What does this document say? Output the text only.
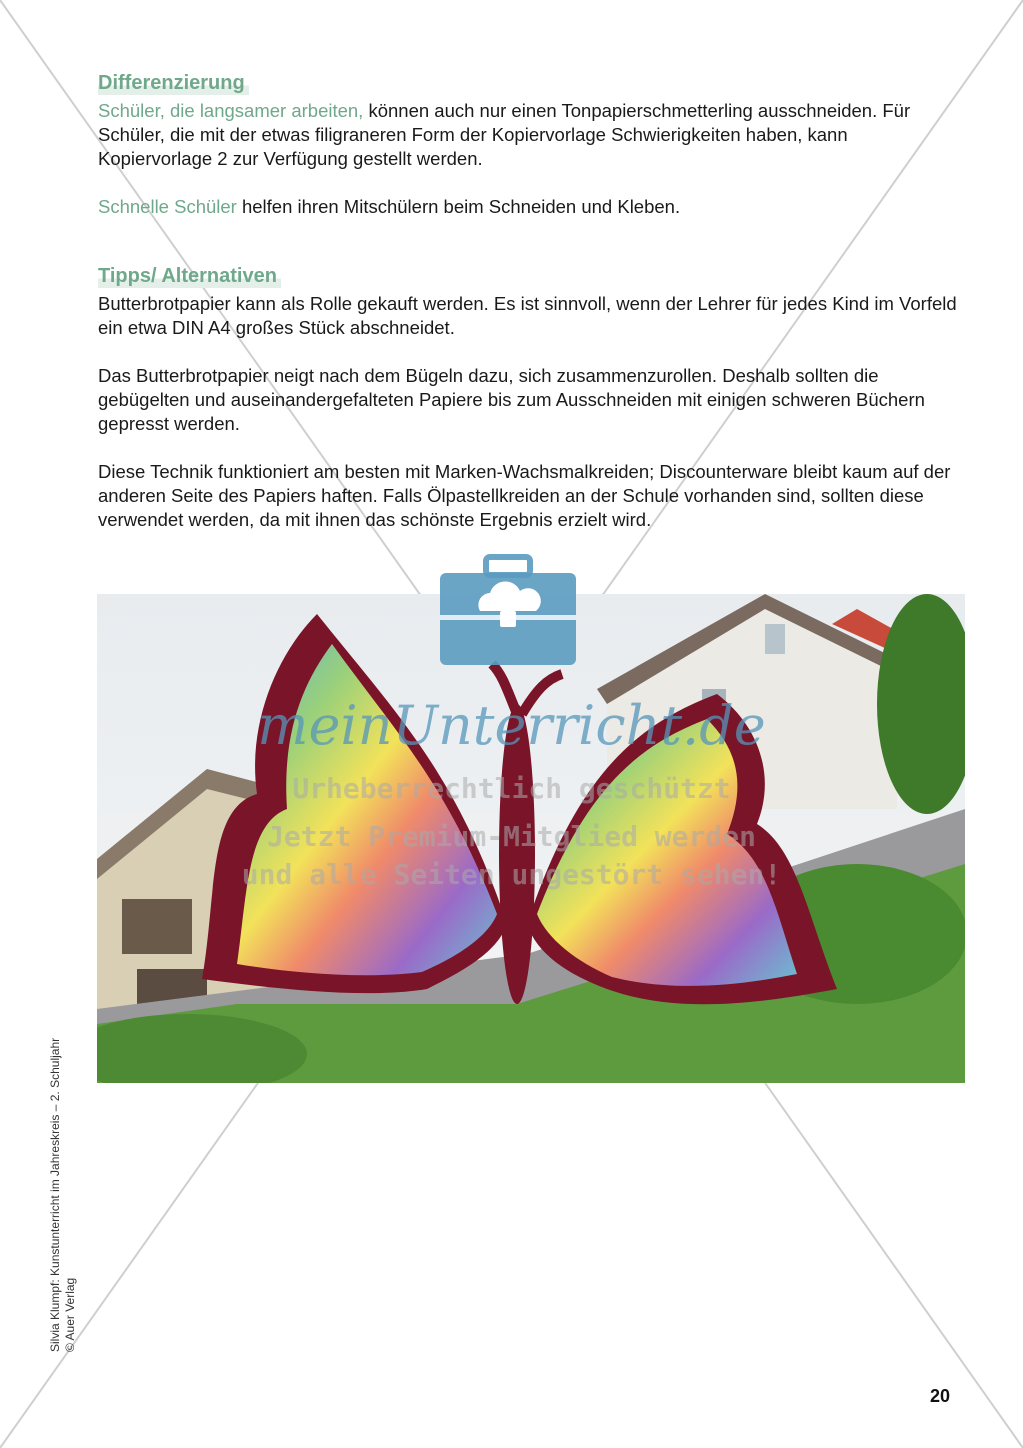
Differenzierung

Schüler, die langsamer arbeiten, können auch nur einen Tonpapierschmetterling ausschneiden. Für Schüler, die mit der etwas filigraneren Form der Kopiervorlage Schwierigkeiten haben, kann Kopiervorlage 2 zur Verfügung gestellt werden.

Schnelle Schüler helfen ihren Mitschülern beim Schneiden und Kleben.

Tipps/ Alternativen

Butterbrotpapier kann als Rolle gekauft werden. Es ist sinnvoll, wenn der Lehrer für jedes Kind im Vorfeld ein etwa DIN A4 großes Stück abschneidet.

Das Butterbrotpapier neigt nach dem Bügeln dazu, sich zusammenzurollen. Deshalb sollten die gebügelten und auseinandergefalteten Papiere bis zum Ausschneiden mit einigen schweren Büchern gepresst werden.

Diese Technik funktioniert am besten mit Marken-Wachsmalkreiden; Discounterware bleibt kaum auf der anderen Seite des Papiers haften. Falls Ölpastellkreiden an der Schule vorhanden sind, sollten diese verwendet werden, da mit ihnen das schönste Ergebnis erzielt wird.

meinUnterricht.de
Urheberrechtlich geschützt
Jetzt Premium-Mitglied werden
und alle Seiten ungestört sehen!
Silvia Klumpf: Kunstunterricht im Jahreskreis – 2. Schuljahr © Auer Verlag
20
